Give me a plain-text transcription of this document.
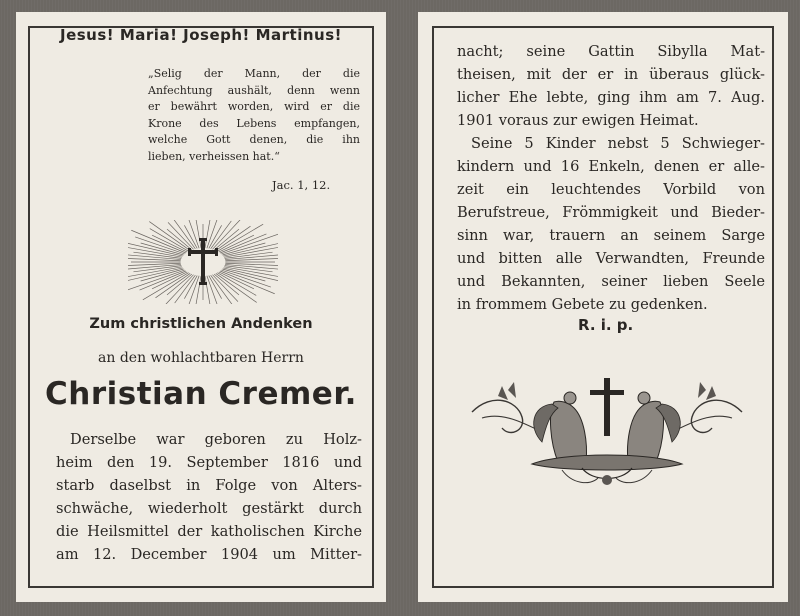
Jesus! Maria! Joseph! Martinus!
„Selig der Mann, der die
Anfechtung aushält, denn wenn
er bewährt worden, wird er die
Krone des Lebens empfangen,
welche Gott denen, die ihn
lieben, verheissen hat.“
Jac. 1, 12.
Zum christlichen Andenken
an den wohlachtbaren Herrn
Christian Cremer.
Derselbe war geboren zu Holz-
heim den 19. September 1816 und
starb daselbst in Folge von Alters-
schwäche, wiederholt gestärkt durch
die Heilsmittel der katholischen Kirche
am 12. December 1904 um Mitter-
nacht; seine Gattin Sibylla Mat-
theisen, mit der er in überaus glück-
licher Ehe lebte, ging ihm am 7. Aug.
1901 voraus zur ewigen Heimat.
Seine 5 Kinder nebst 5 Schwieger-
kindern und 16 Enkeln, denen er alle-
zeit ein leuchtendes Vorbild von
Berufstreue, Frömmigkeit und Bieder-
sinn war, trauern an seinem Sarge
und bitten alle Verwandten, Freunde
und Bekannten, seiner lieben Seele
in frommem Gebete zu gedenken.
R. i. p.
